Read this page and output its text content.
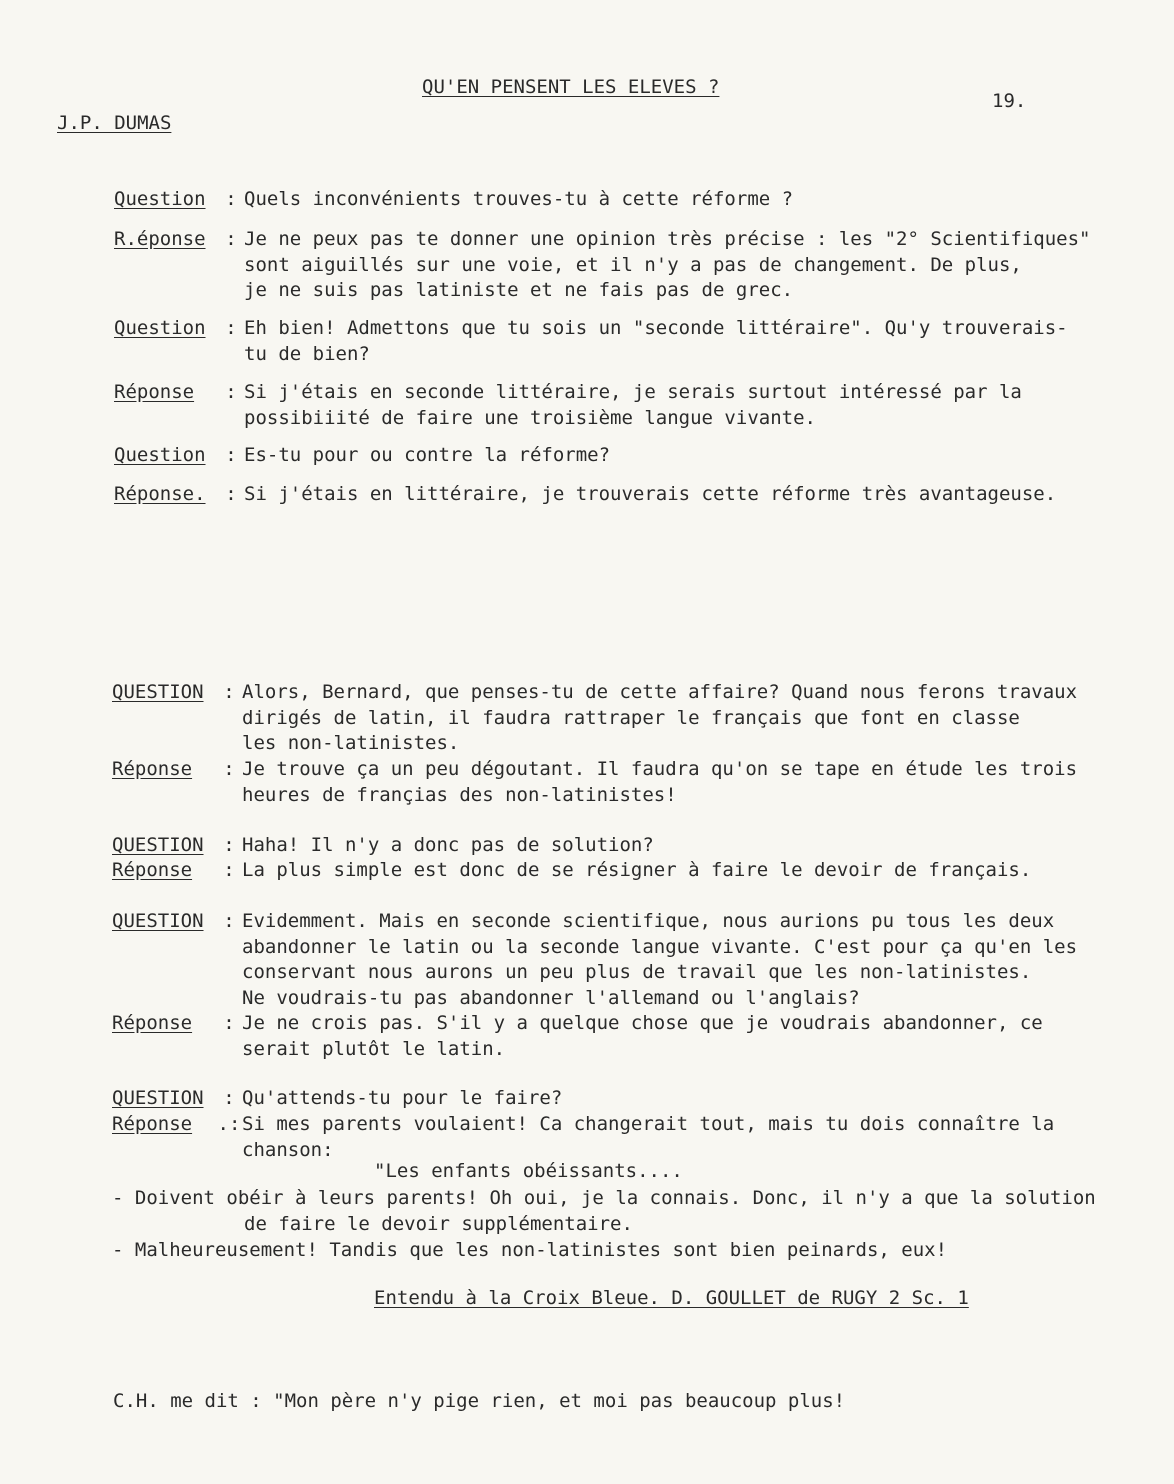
QU'EN PENSENT LES ELEVES ?
19.
J.P. DUMAS
Question	: Quels inconvénients trouves-tu à cette réforme ?
R.éponse	: Je ne peux pas te donner une opinion très précise : les "2° Scientifiques"
sont aiguillés sur une voie, et il n'y a pas de changement. De plus,
je ne suis pas latiniste et ne fais pas de grec.
Question	: Eh bien! Admettons que tu sois un "seconde littéraire". Qu'y trouverais-
tu de bien?
Réponse	: Si j'étais en seconde littéraire, je serais surtout intéressé par la
possibiiité de faire une troisième langue vivante.
Question	: Es-tu pour ou contre la réforme?
Réponse.	: Si j'étais en littéraire, je trouverais cette réforme très avantageuse.
QUESTION	: Alors, Bernard, que penses-tu de cette affaire? Quand nous ferons travaux
dirigés de latin, il faudra rattraper le français que font en classe
les non-latinistes.
Réponse	: Je trouve ça un peu dégoutant. Il faudra qu'on se tape en étude les trois
heures de françias des non-latinistes!
QUESTION	: Haha! Il n'y a donc pas de solution?
Réponse	: La plus simple est donc de se résigner à faire le devoir de français.
QUESTION	: Evidemment. Mais en seconde scientifique, nous aurions pu tous les deux
abandonner le latin ou la seconde langue vivante. C'est pour ça qu'en les
conservant nous aurons un peu plus de travail que les non-latinistes.
Ne voudrais-tu pas abandonner l'allemand ou l'anglais?
Réponse	: Je ne crois pas. S'il y a quelque chose que je voudrais abandonner, ce
serait plutôt le latin.
QUESTION	: Qu'attends-tu pour le faire?
Réponse	.: Si mes parents voulaient! Ca changerait tout, mais tu dois connaître la
chanson:
"Les enfants obéissants....
- Doivent obéir à leurs parents! Oh oui, je la connais. Donc, il n'y a que la solution
de faire le devoir supplémentaire.
- Malheureusement! Tandis que les non-latinistes sont bien peinards, eux!
Entendu à la Croix Bleue. D. GOULLET de RUGY 2 Sc. 1
C.H. me dit : "Mon père n'y pige rien, et moi pas beaucoup plus!
